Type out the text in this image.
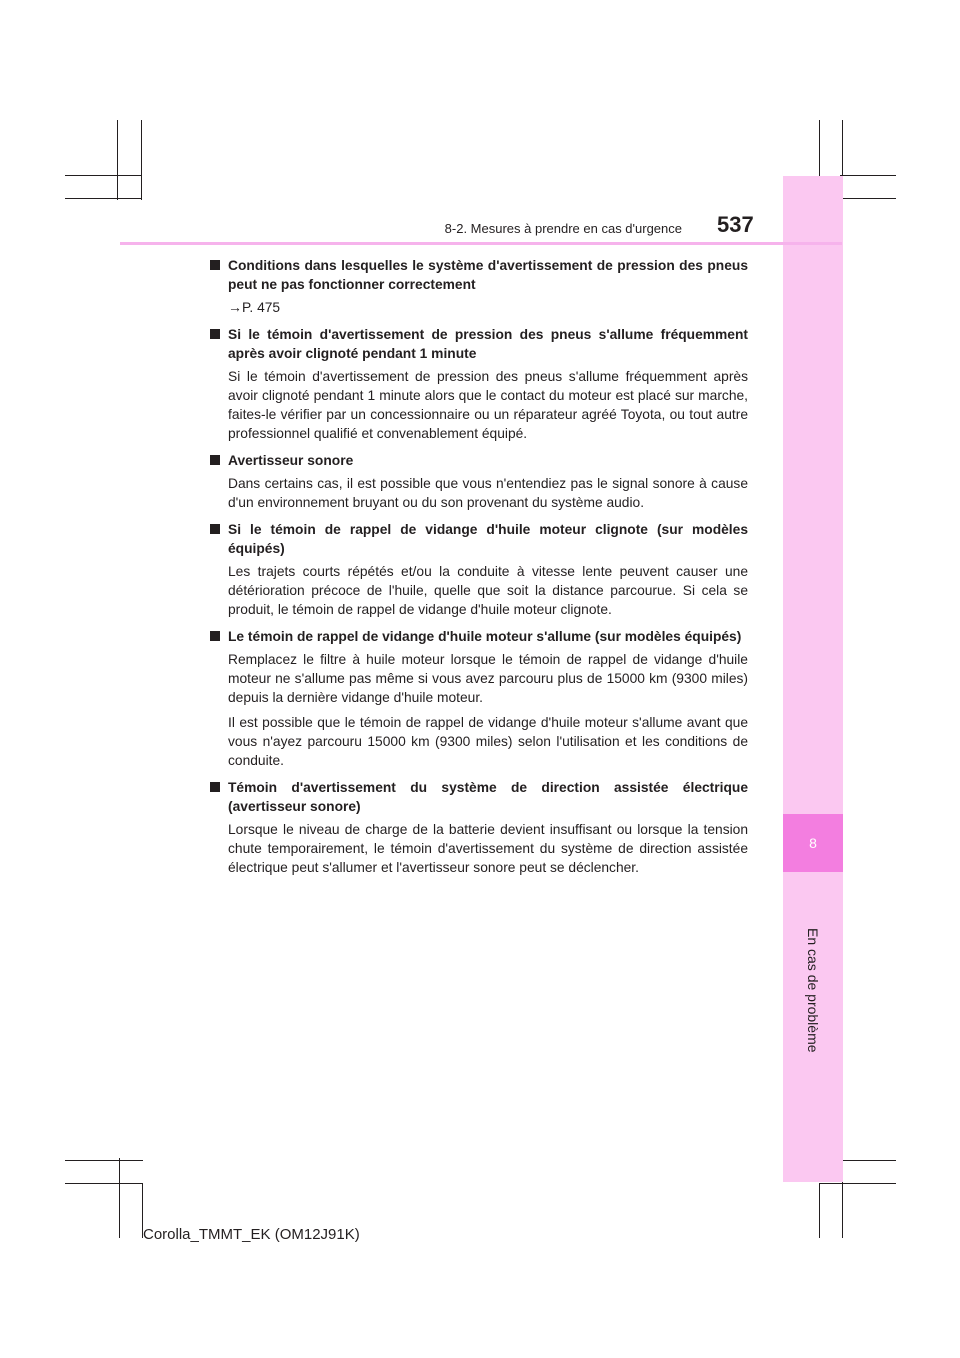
8
En cas de problème
8-2. Mesures à prendre en cas d'urgence 537
Conditions dans lesquelles le système d'avertissement de pression des pneus peut ne pas fonctionner correctement
→P. 475
Si le témoin d'avertissement de pression des pneus s'allume fréquemment après avoir clignoté pendant 1 minute
Si le témoin d'avertissement de pression des pneus s'allume fréquemment après avoir clignoté pendant 1 minute alors que le contact du moteur est placé sur marche, faites-le vérifier par un concessionnaire ou un réparateur agréé Toyota, ou tout autre professionnel qualifié et convenablement équipé.
Avertisseur sonore
Dans certains cas, il est possible que vous n'entendiez pas le signal sonore à cause d'un environnement bruyant ou du son provenant du système audio.
Si le témoin de rappel de vidange d'huile moteur clignote (sur modèles équipés)
Les trajets courts répétés et/ou la conduite à vitesse lente peuvent causer une détérioration précoce de l'huile, quelle que soit la distance parcourue. Si cela se produit, le témoin de rappel de vidange d'huile moteur clignote.
Le témoin de rappel de vidange d'huile moteur s'allume (sur modèles équipés)
Remplacez le filtre à huile moteur lorsque le témoin de rappel de vidange d'huile moteur ne s'allume pas même si vous avez parcouru plus de 15000 km (9300 miles) depuis la dernière vidange d'huile moteur.
Il est possible que le témoin de rappel de vidange d'huile moteur s'allume avant que vous n'ayez parcouru 15000 km (9300 miles) selon l'utilisation et les conditions de conduite.
Témoin d'avertissement du système de direction assistée électrique (avertisseur sonore)
Lorsque le niveau de charge de la batterie devient insuffisant ou lorsque la tension chute temporairement, le témoin d'avertissement du système de direction assistée électrique peut s'allumer et l'avertisseur sonore peut se déclencher.
Corolla_TMMT_EK (OM12J91K)
